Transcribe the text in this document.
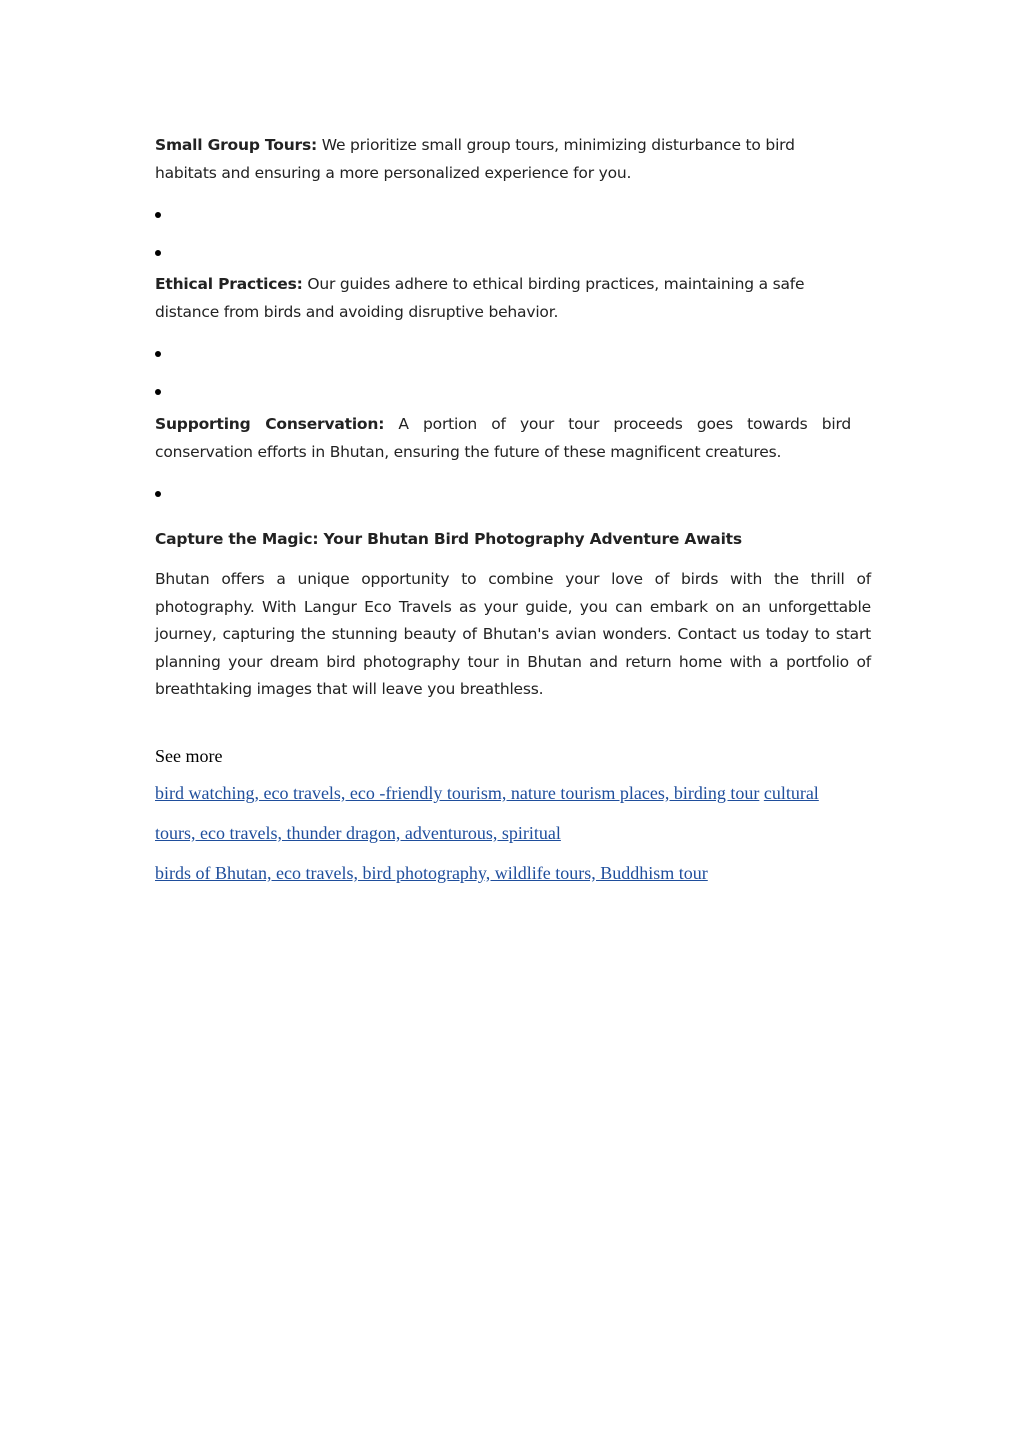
Small Group Tours: We prioritize small group tours, minimizing disturbance to bird habitats and ensuring a more personalized experience for you.
Ethical Practices: Our guides adhere to ethical birding practices, maintaining a safe distance from birds and avoiding disruptive behavior.
Supporting Conservation: A portion of your tour proceeds goes towards bird conservation efforts in Bhutan, ensuring the future of these magnificent creatures.
Capture the Magic: Your Bhutan Bird Photography Adventure Awaits
Bhutan offers a unique opportunity to combine your love of birds with the thrill of photography. With Langur Eco Travels as your guide, you can embark on an unforgettable journey, capturing the stunning beauty of Bhutan's avian wonders. Contact us today to start planning your dream bird photography tour in Bhutan and return home with a portfolio of breathtaking images that will leave you breathless.
See more
bird watching, eco travels, eco -friendly tourism, nature tourism places, birding tour cultural
tours, eco travels, thunder dragon, adventurous, spiritual
birds of Bhutan, eco travels, bird photography, wildlife tours, Buddhism tour
